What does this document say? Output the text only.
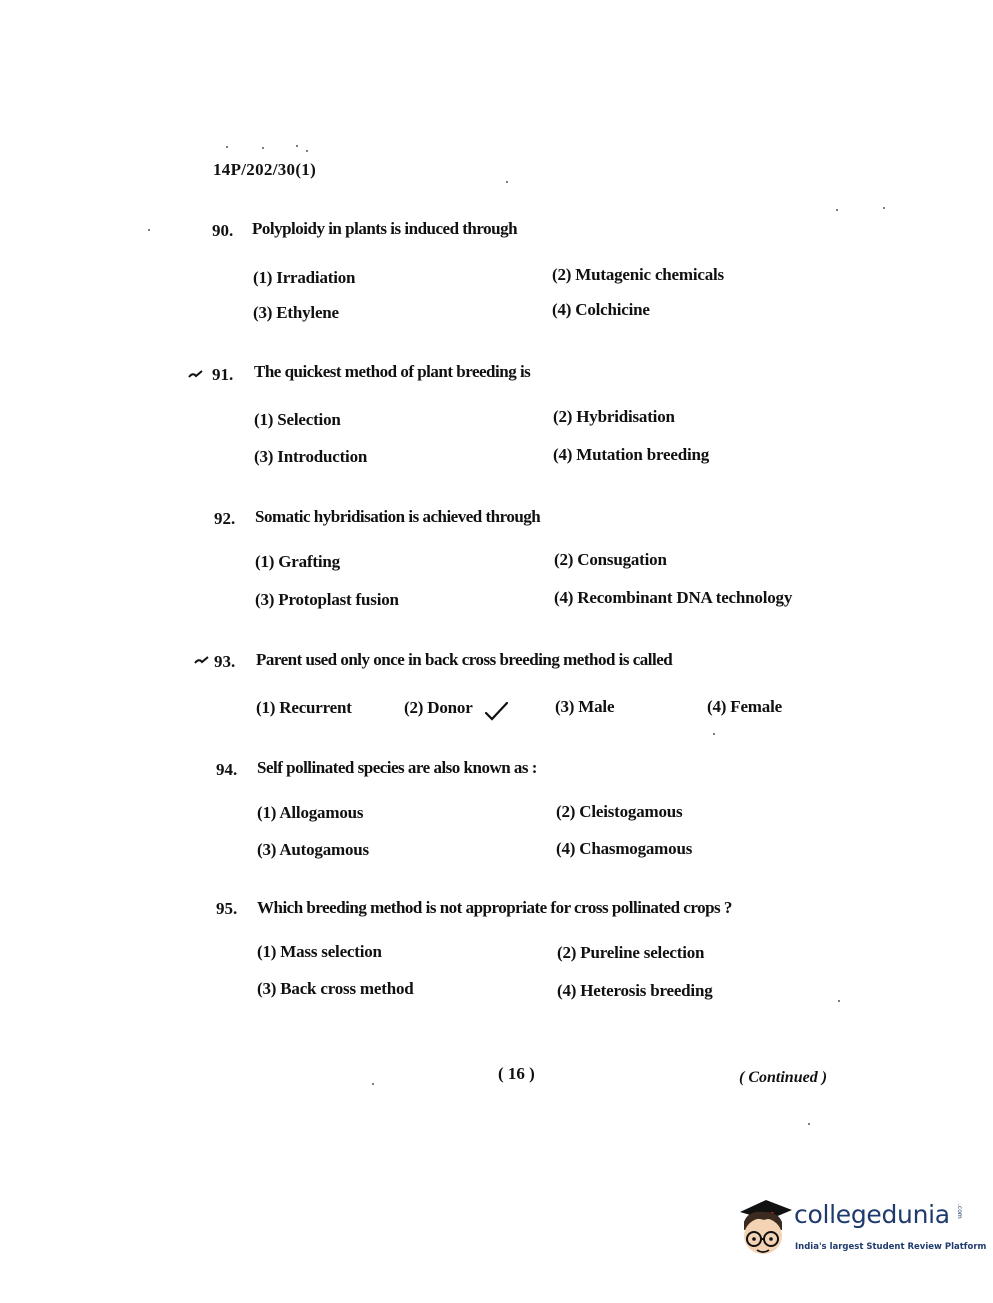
14P/202/30(1)
90. Polyploidy in plants is induced through
(1) Irradiation	(2) Mutagenic chemicals
(3) Ethylene	(4) Colchicine
91. The quickest method of plant breeding is
(1) Selection	(2) Hybridisation
(3) Introduction	(4) Mutation breeding
92. Somatic hybridisation is achieved through
(1) Grafting	(2) Consugation
(3) Protoplast fusion	(4) Recombinant DNA technology
93. Parent used only once in back cross breeding method is called
(1) Recurrent	(2) Donor	(3) Male	(4) Female
94. Self pollinated species are also known as :
(1) Allogamous	(2) Cleistogamous
(3) Autogamous	(4) Chasmogamous
95. Which breeding method is not appropriate for cross pollinated crops ?
(1) Mass selection	(2) Pureline selection
(3) Back cross method	(4) Heterosis breeding
( 16 )	( Continued )
collegedunia .com
India's largest Student Review Platform
